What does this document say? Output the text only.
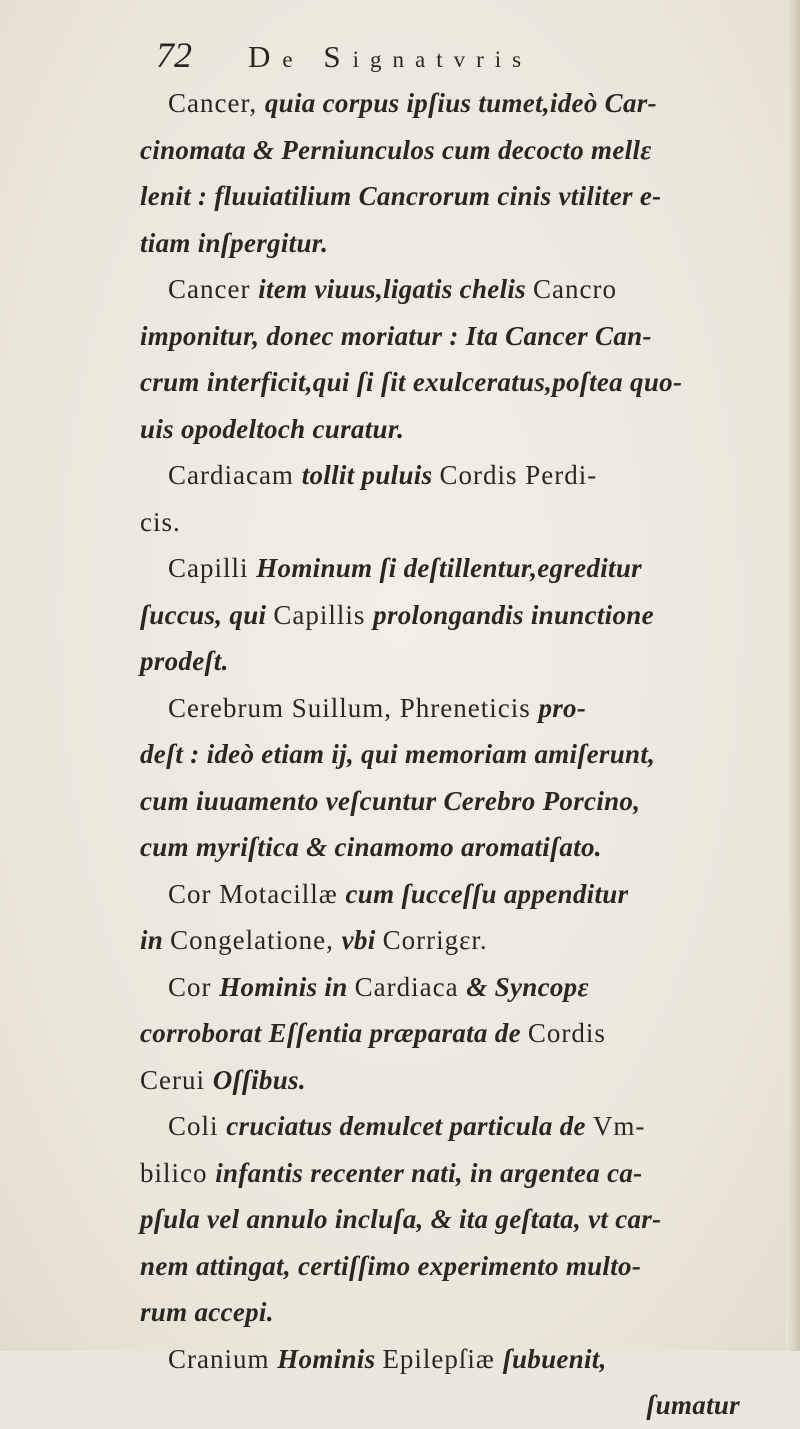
72	De Signatvris
Cancer, quia corpus ipſius tumet,ideò Car-
cinomata & Pernіunculos cum decoctο mellε
lenit : fluuiatilium Cancrorum cinis vtiliter e-
tiam inſpergitur.
Cancer item viuus,ligatis chelis Cancro
imponitur, donec moriatur : Ita Cancer Can-
crum interficit,qui ſi ſit exulceratus,poſtea quo-
uis opodeltoch curatur.
Cardiacam tollit puluis Cordis Perdi-
cis.
Capilli Hominum ſi deſtillentur,egreditur
ſuccus, qui Capillis prolongandis inunctione
prodeſt.
Cerebrum Suillum, Phreneticis pro-
deſt : ideò etiam ij, qui memoriam amiſerunt,
cum iuuamento veſcuntur Cerebro Porcino,
cum myriſtica & cinamomo aromatiſato.
Cor Motacillæ cum ſucceſſu appenditur
in Congelatione, vbi Corrigεr.
Cor Hominis in Cardiaca & Syncopε
corroborat Eſſentia præparata de Cordis
Cerui Oſſibus.
Coli cruciatus demulcet particula de Vm-
bilico infantis recenter nati, in argentea ca-
pſula vel annulo incluſa, & ita geſtata, vt car-
nem attingat, certiſſimo experimento multo-
rum accepi.
Cranium Hominis Epilepſiæ ſubuenit,
ſumatur
